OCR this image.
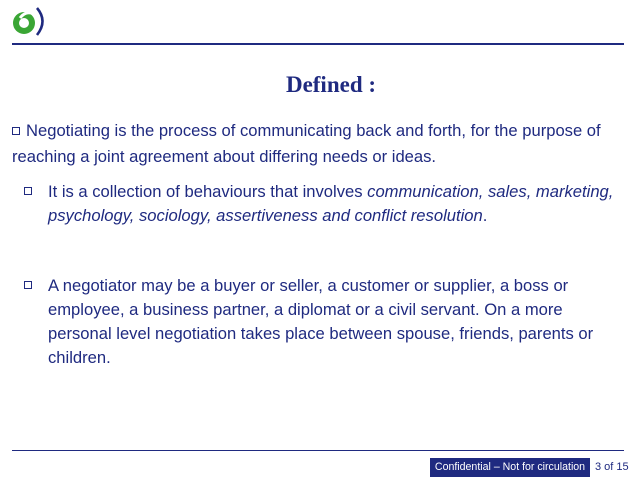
Defined :
Negotiating is the process of communicating back and forth, for the purpose of reaching a joint agreement about differing needs or ideas.
It is a collection of behaviours that involves communication, sales, marketing, psychology, sociology, assertiveness and conflict resolution.
A negotiator may be a buyer or seller, a customer or supplier, a boss or employee, a business partner, a diplomat or a civil servant. On a more personal level negotiation takes place between spouse, friends, parents or children.
Confidential – Not for circulation 3 of 15
